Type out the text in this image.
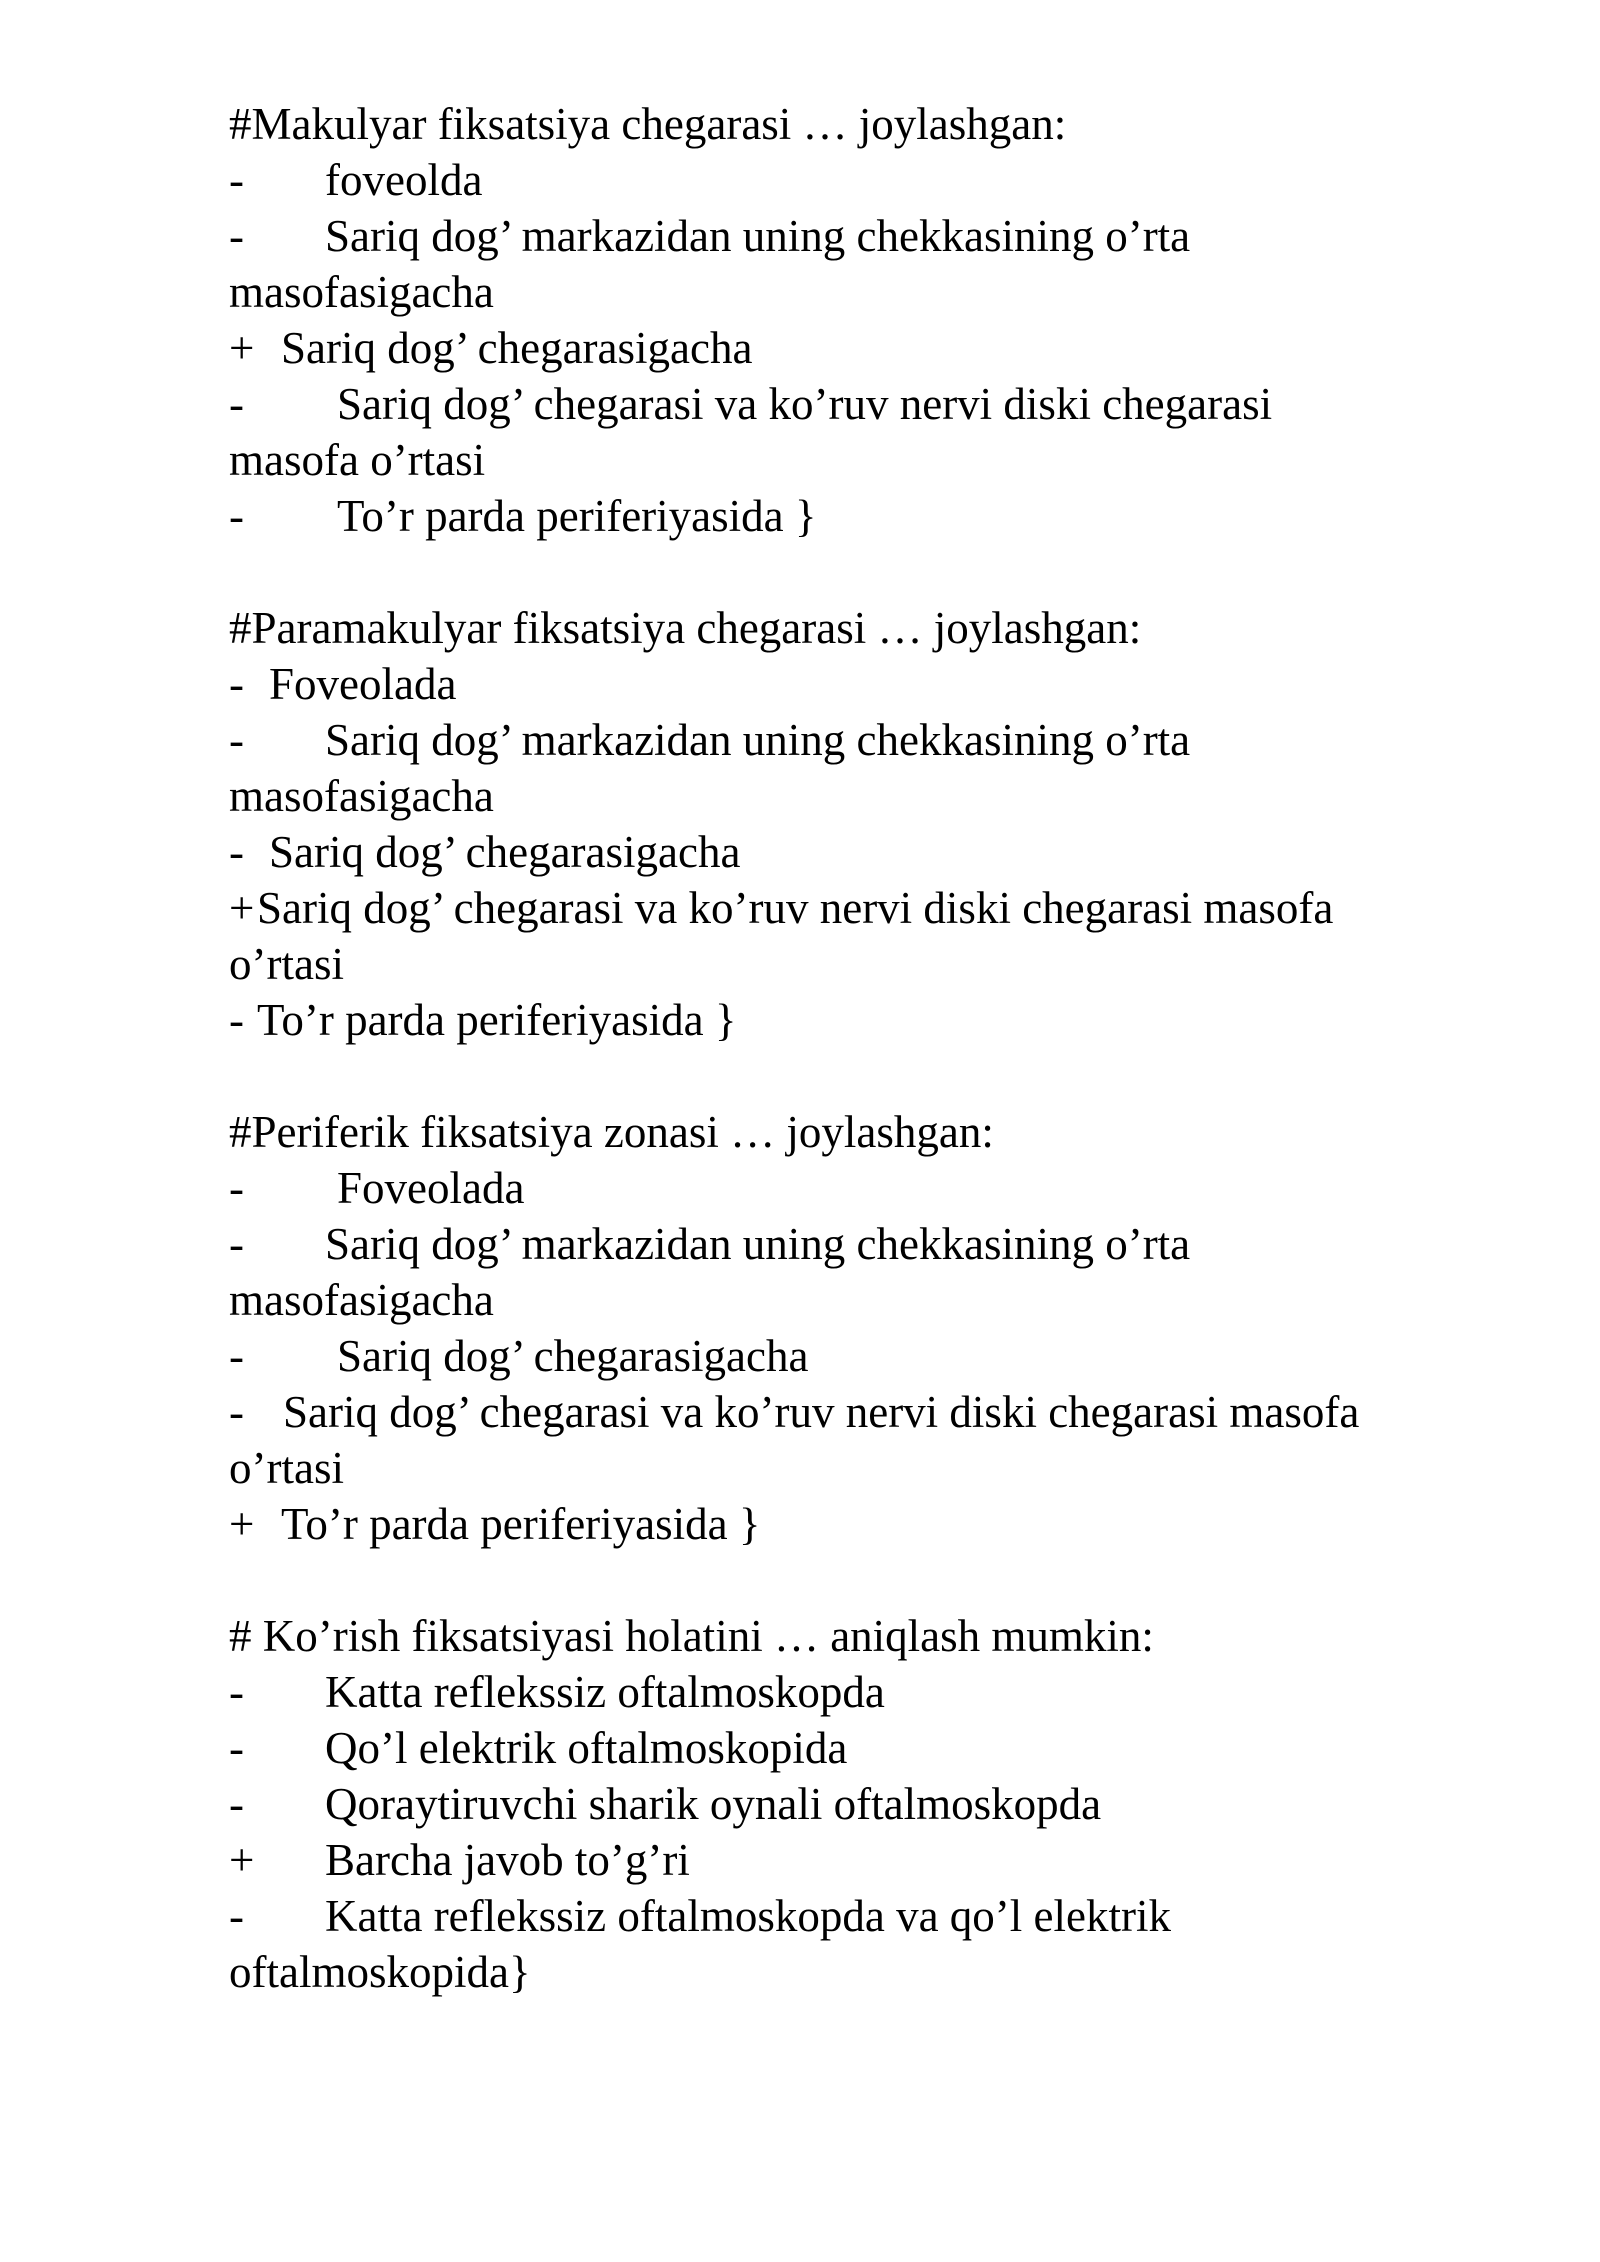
#Makulyar fiksatsiya chegarasi … joylashgan:
- foveolda
- Sariq dog’ markazidan uning chekkasining o’rta
masofasigacha
+ Sariq dog’ chegarasigacha
- Sariq dog’ chegarasi va ko’ruv nervi diski chegarasi
masofa o’rtasi
- To’r parda periferiyasida }
#Paramakulyar fiksatsiya chegarasi … joylashgan:
- Foveolada
- Sariq dog’ markazidan uning chekkasining o’rta
masofasigacha
- Sariq dog’ chegarasigacha
+Sariq dog’ chegarasi va ko’ruv nervi diski chegarasi masofa
o’rtasi
- To’r parda periferiyasida }
#Periferik fiksatsiya zonasi … joylashgan:
- Foveolada
- Sariq dog’ markazidan uning chekkasining o’rta
masofasigacha
- Sariq dog’ chegarasigacha
- Sariq dog’ chegarasi va ko’ruv nervi diski chegarasi masofa
o’rtasi
+ To’r parda periferiyasida }
# Ko’rish fiksatsiyasi holatini … aniqlash mumkin:
- Katta reflekssiz oftalmoskopda
- Qo’l elektrik oftalmoskopida
- Qoraytiruvchi sharik oynali oftalmoskopda
+ Barcha javob to’g’ri
- Katta reflekssiz oftalmoskopda va qo’l elektrik
oftalmoskopida}
